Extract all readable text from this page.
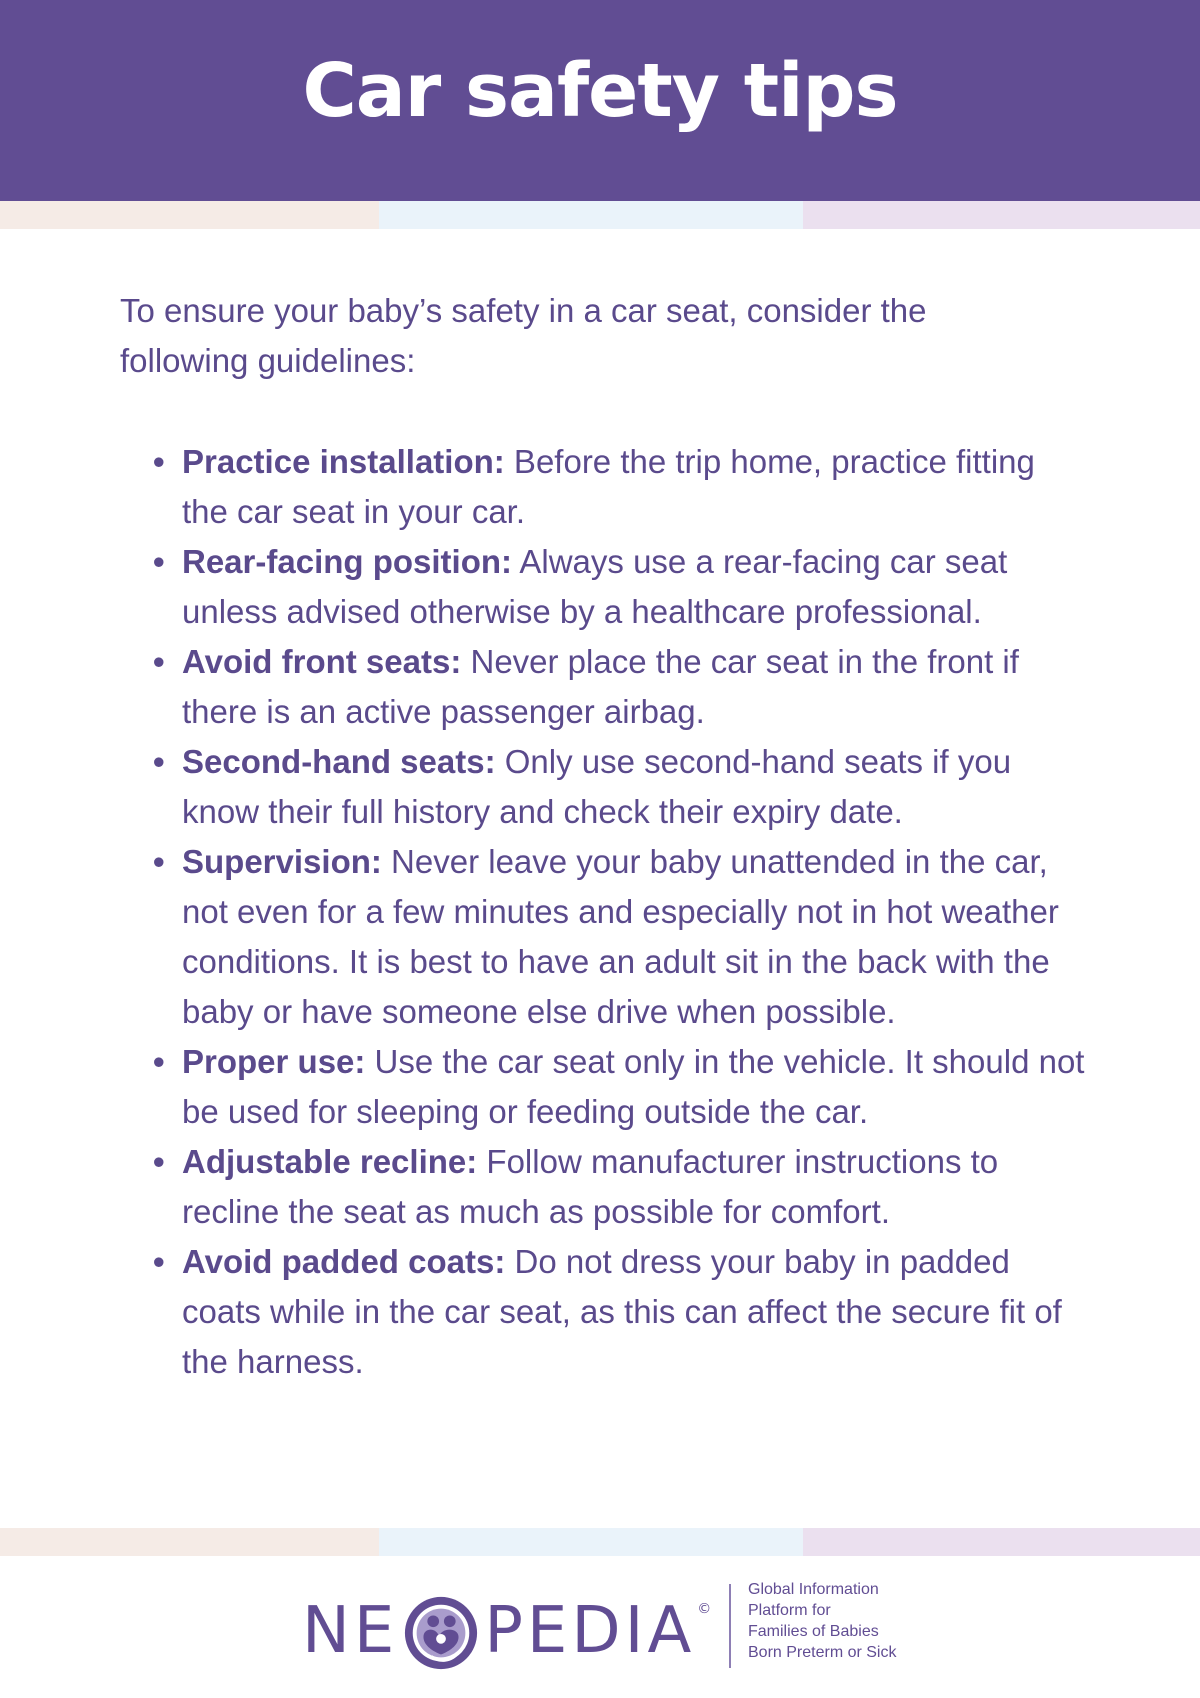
Car safety tips

To ensure your baby’s safety in a car seat, consider the following guidelines:

• Practice installation: Before the trip home, practice fitting the car seat in your car.
• Rear-facing position: Always use a rear-facing car seat unless advised otherwise by a healthcare professional.
• Avoid front seats: Never place the car seat in the front if there is an active passenger airbag.
• Second-hand seats: Only use second-hand seats if you know their full history and check their expiry date.
• Supervision: Never leave your baby unattended in the car, not even for a few minutes and especially not in hot weather conditions. It is best to have an adult sit in the back with the baby or have someone else drive when possible.
• Proper use: Use the car seat only in the vehicle. It should not be used for sleeping or feeding outside the car.
• Adjustable recline: Follow manufacturer instructions to recline the seat as much as possible for comfort.
• Avoid padded coats: Do not dress your baby in padded coats while in the car seat, as this can affect the secure fit of the harness.
NE PEDIA ©
Global Information
Platform for
Families of Babies
Born Preterm or Sick
